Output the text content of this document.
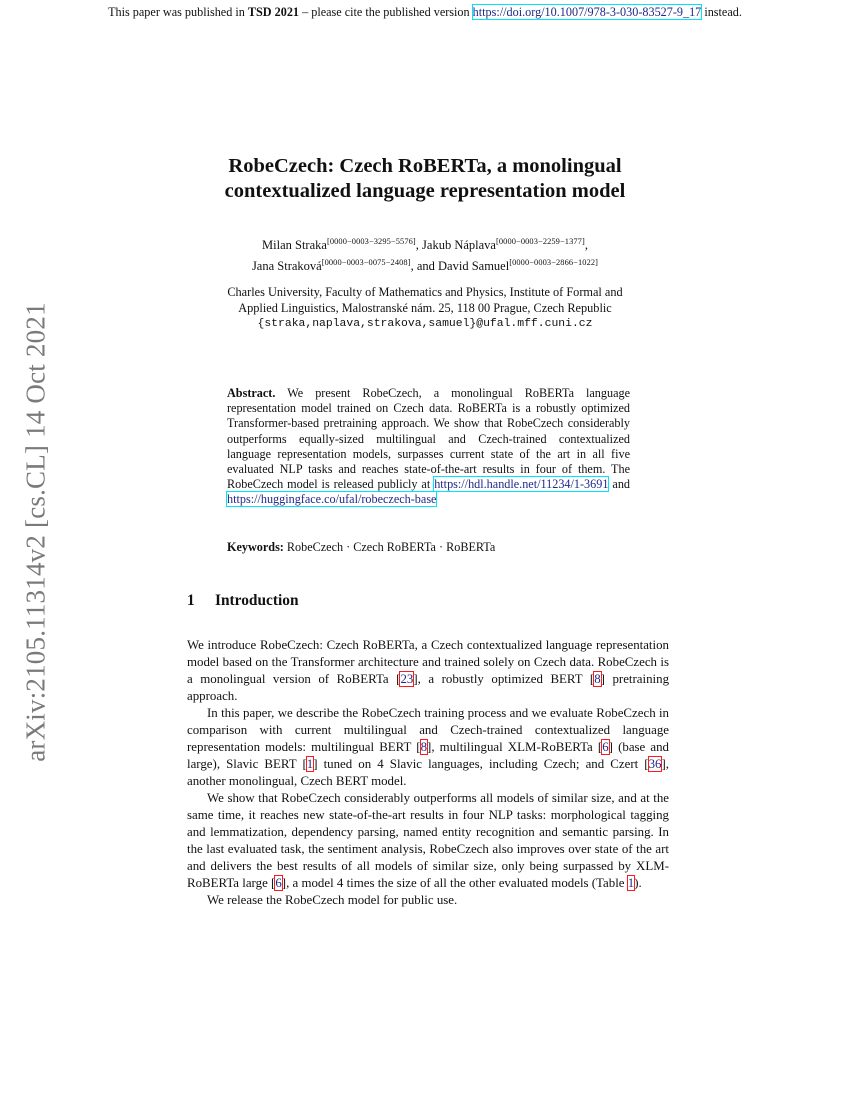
This paper was published in TSD 2021 – please cite the published version https://doi.org/10.1007/978-3-030-83527-9_17 instead.
arXiv:2105.11314v2 [cs.CL] 14 Oct 2021
RobeCzech: Czech RoBERTa, a monolingual
contextualized language representation model
Milan Straka[0000−0003−3295−5576], Jakub Náplava[0000−0003−2259−1377],
Jana Straková[0000−0003−0075−2408], and David Samuel[0000−0003−2866−1022]
Charles University, Faculty of Mathematics and Physics, Institute of Formal and
Applied Linguistics, Malostranské nám. 25, 118 00 Prague, Czech Republic
{straka,naplava,strakova,samuel}@ufal.mff.cuni.cz
Abstract. We present RobeCzech, a monolingual RoBERTa language representation model trained on Czech data. RoBERTa is a robustly optimized Transformer-based pretraining approach. We show that RobeCzech considerably outperforms equally-sized multilingual and Czech-trained contextualized language representation models, surpasses current state of the art in all five evaluated NLP tasks and reaches state-of-the-art results in four of them. The RobeCzech model is released publicly at https://hdl.handle.net/11234/1-3691 and https://huggingface.co/ufal/robeczech-base
Keywords: RobeCzech · Czech RoBERTa · RoBERTa
1 Introduction

We introduce RobeCzech: Czech RoBERTa, a Czech contextualized language representation model based on the Transformer architecture and trained solely on Czech data. RobeCzech is a monolingual version of RoBERTa [23], a robustly optimized BERT [8] pretraining approach.

In this paper, we describe the RobeCzech training process and we evaluate RobeCzech in comparison with current multilingual and Czech-trained contextualized language representation models: multilingual BERT [8], multilingual XLM-RoBERTa [6] (base and large), Slavic BERT [1] tuned on 4 Slavic languages, including Czech; and Czert [36], another monolingual, Czech BERT model.

We show that RobeCzech considerably outperforms all models of similar size, and at the same time, it reaches new state-of-the-art results in four NLP tasks: morphological tagging and lemmatization, dependency parsing, named entity recognition and semantic parsing. In the last evaluated task, the sentiment analysis, RobeCzech also improves over state of the art and delivers the best results of all models of similar size, only being surpassed by XLM-RoBERTa large [6], a model 4 times the size of all the other evaluated models (Table 1).

We release the RobeCzech model for public use.
